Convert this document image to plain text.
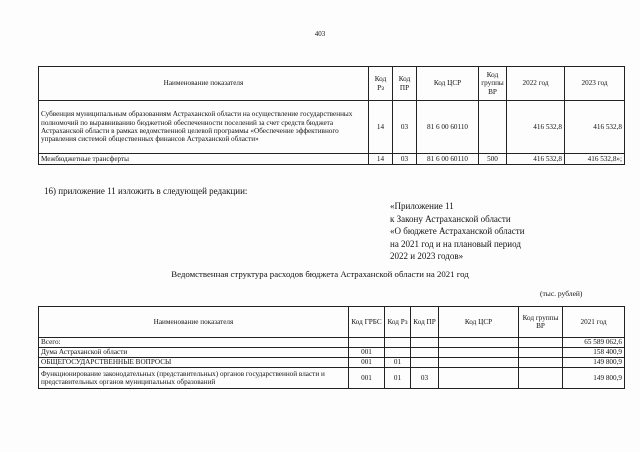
403
Наименование показателя	Код Рз	Код ПР	Код ЦСР	Код группы ВР	2022 год	2023 год
Субвенция муниципальным образованиям Астраханской области на осуществление государственных полномочий по выравниванию бюджетной обеспеченности поселений за счет средств бюджета Астраханской области в рамках ведомственной целевой программы «Обеспечение эффективного управления системой общественных финансов Астраханской области»	14	03	81 6 00 60110		416 532,8	416 532,8
Межбюджетные трансферты	14	03	81 6 00 60110	500	416 532,8	416 532,8»;
16) приложение 11 изложить в следующей редакции:
«Приложение 11
к Закону Астраханской области
«О бюджете Астраханской области
на 2021 год и на плановый период
2022 и 2023 годов»
Ведомственная структура расходов бюджета Астраханской области на 2021 год
(тыс. рублей)
Наименование показателя	Код ГРБС	Код Рз	Код ПР	Код ЦСР	Код группы ВР	2021 год
Всего:						65 589 062,6
Дума Астраханской области	001					158 400,9
ОБЩЕГОСУДАРСТВЕННЫЕ ВОПРОСЫ	001	01				149 800,9
Функционирование законодательных (представительных) органов государственной власти и представительных органов муниципальных образований	001	01	03			149 800,9
